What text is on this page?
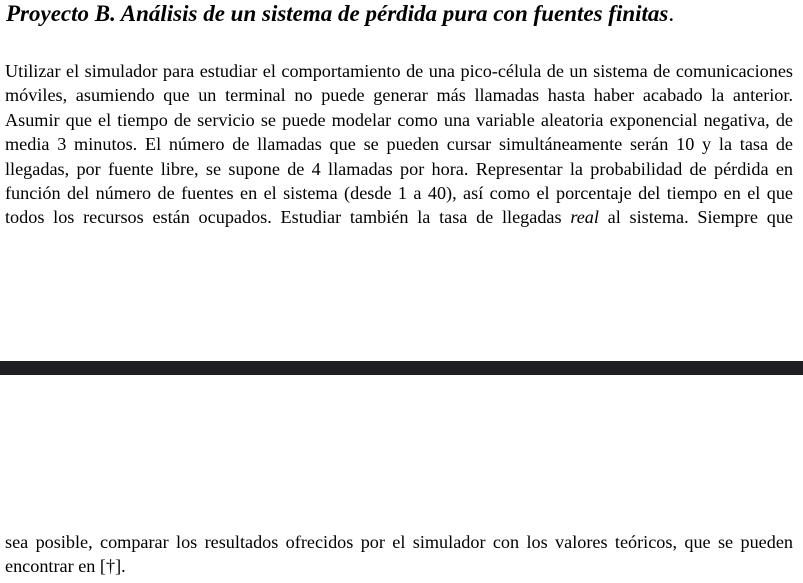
Proyecto B. Análisis de un sistema de pérdida pura con fuentes finitas.

Utilizar el simulador para estudiar el comportamiento de una pico-célula de un sistema de comunicaciones móviles, asumiendo que un terminal no puede generar más llamadas hasta haber acabado la anterior. Asumir que el tiempo de servicio se puede modelar como una variable aleatoria exponencial negativa, de media 3 minutos. El número de llamadas que se pueden cursar simultáneamente serán 10 y la tasa de llegadas, por fuente libre, se supone de 4 llamadas por hora. Representar la probabilidad de pérdida en función del número de fuentes en el sistema (desde 1 a 40), así como el porcentaje del tiempo en el que todos los recursos están ocupados. Estudiar también la tasa de llegadas real al sistema. Siempre que

sea posible, comparar los resultados ofrecidos por el simulador con los valores teóricos, que se pueden encontrar en [†].
